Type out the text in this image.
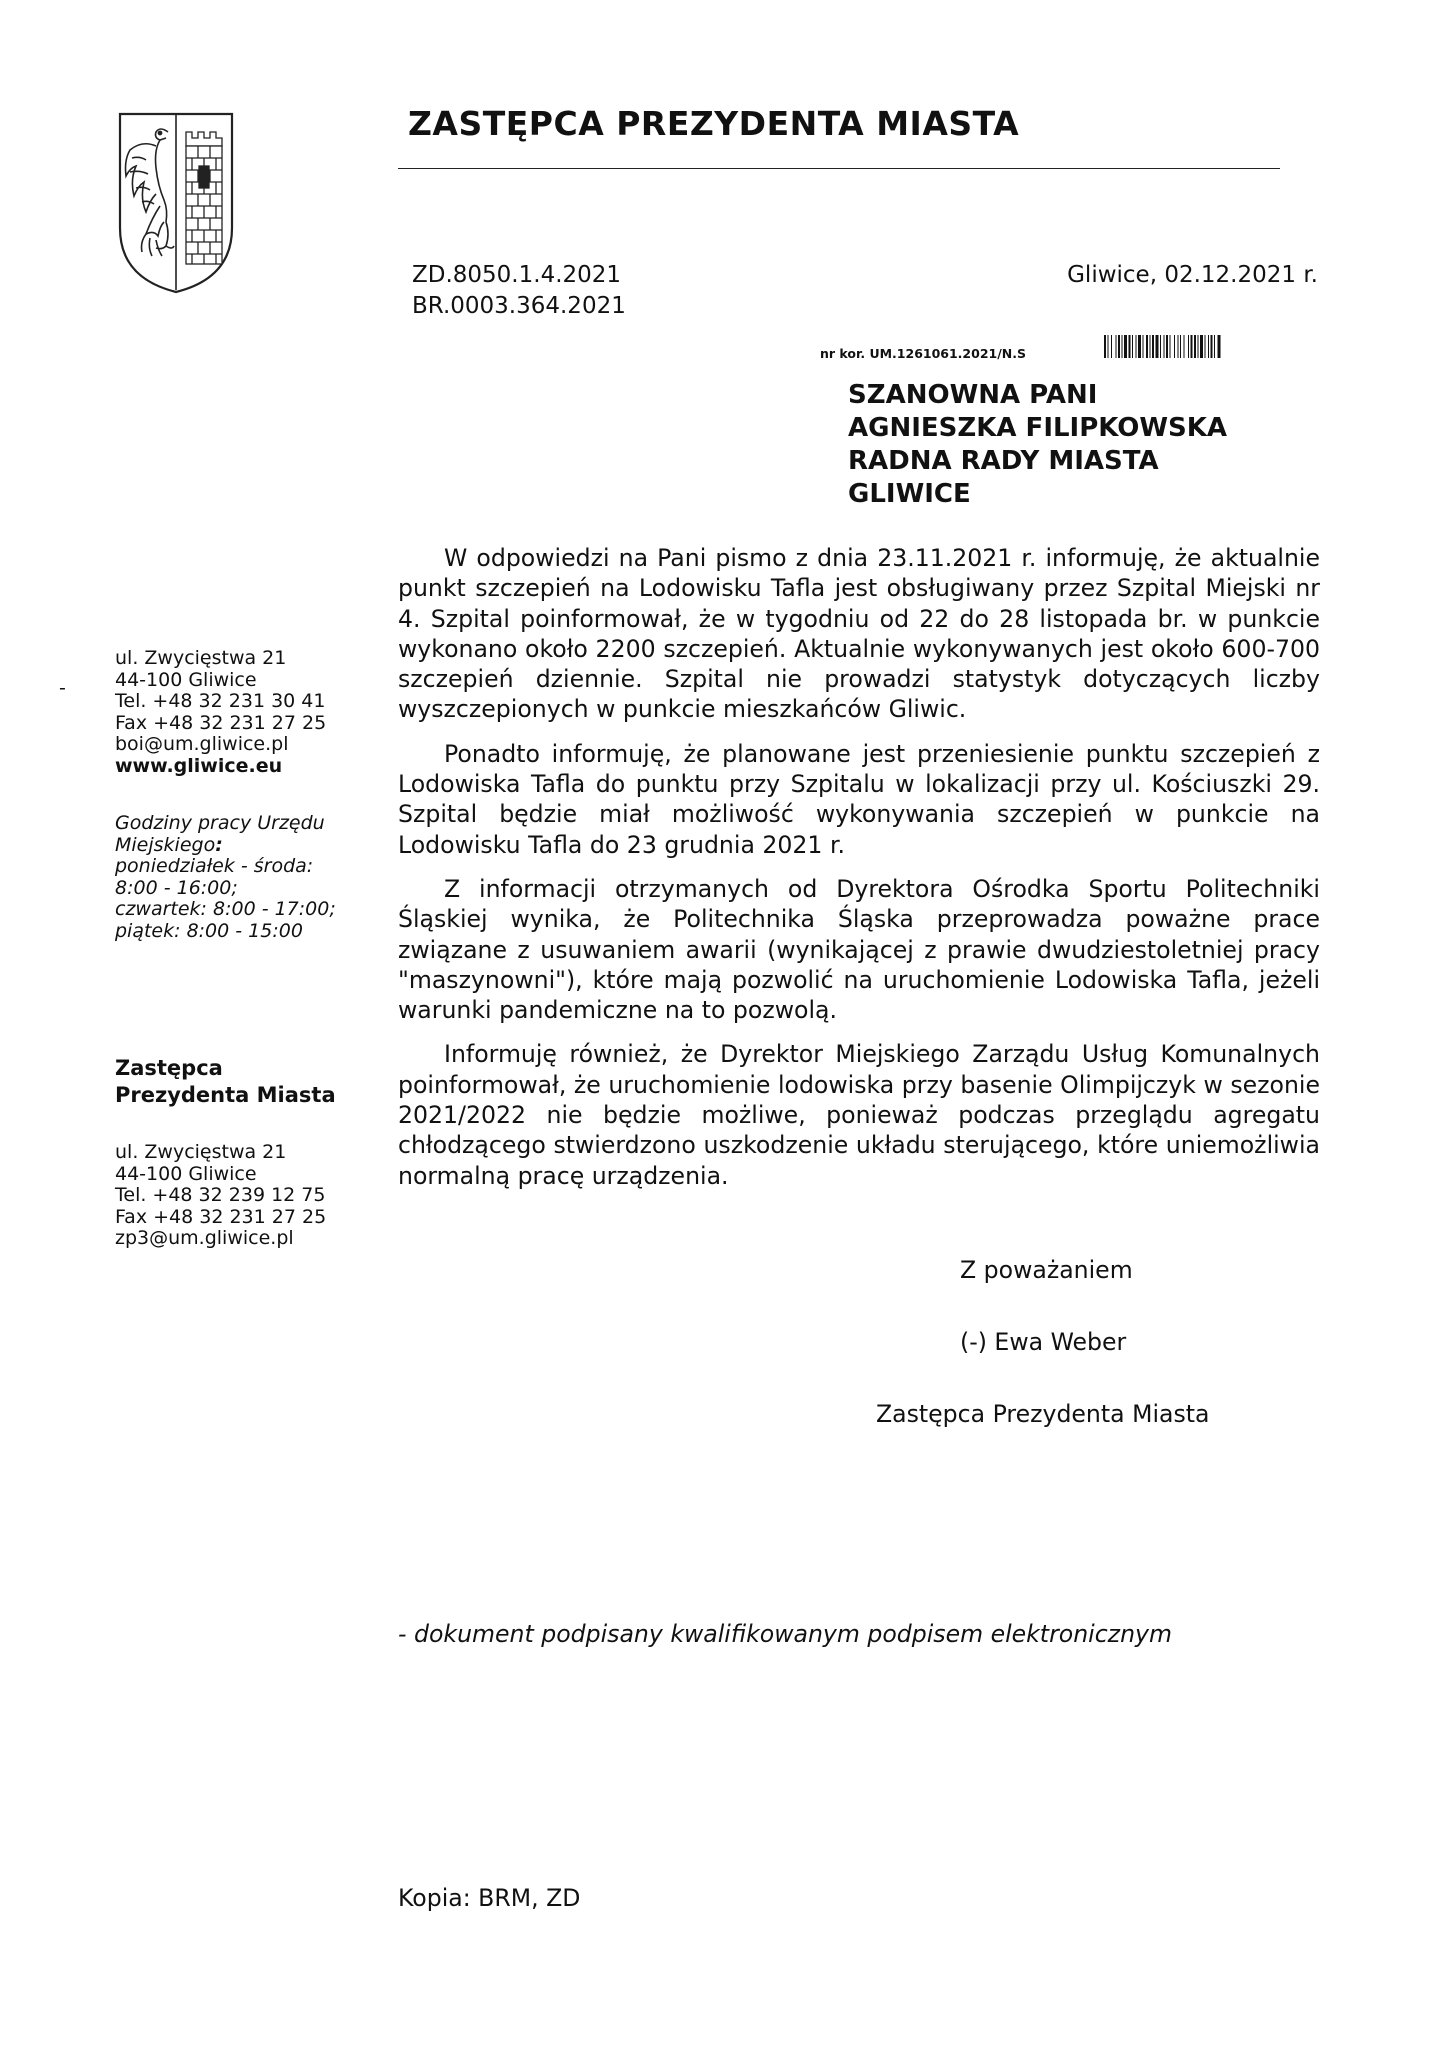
ZASTĘPCA PREZYDENTA MIASTA
ZD.8050.1.4.2021
BR.0003.364.2021
Gliwice, 02.12.2021 r.
nr kor. UM.1261061.2021/N.S
SZANOWNA PANI
AGNIESZKA FILIPKOWSKA
RADNA RADY MIASTA
GLIWICE
-
ul. Zwycięstwa 21
44-100 Gliwice
Tel. +48 32 231 30 41
Fax +48 32 231 27 25
boi@um.gliwice.pl
www.gliwice.eu
Godziny pracy Urzędu
Miejskiego:
poniedziałek - środa:
8:00 - 16:00;
czwartek: 8:00 - 17:00;
piątek: 8:00 - 15:00
Zastępca
Prezydenta Miasta
ul. Zwycięstwa 21
44-100 Gliwice
Tel. +48 32 239 12 75
Fax +48 32 231 27 25
zp3@um.gliwice.pl

W odpowiedzi na Pani pismo z dnia 23.11.2021 r. informuję, że aktualnie punkt szczepień na Lodowisku Tafla jest obsługiwany przez Szpital Miejski nr 4. Szpital poinformował, że w tygodniu od 22 do 28 listopada br. w punkcie wykonano około 2200 szczepień. Aktualnie wykonywanych jest około 600-700 szczepień dziennie. Szpital nie prowadzi statystyk dotyczących liczby wyszczepionych w punkcie mieszkańców Gliwic.

Ponadto informuję, że planowane jest przeniesienie punktu szczepień z Lodowiska Tafla do punktu przy Szpitalu w lokalizacji przy ul. Kościuszki 29. Szpital będzie miał możliwość wykonywania szczepień w punkcie na Lodowisku Tafla do 23 grudnia 2021 r.

Z informacji otrzymanych od Dyrektora Ośrodka Sportu Politechniki Śląskiej wynika, że Politechnika Śląska przeprowadza poważne prace związane z usuwaniem awarii (wynikającej z prawie dwudziestoletniej pracy "maszynowni"), które mają pozwolić na uruchomienie Lodowiska Tafla, jeżeli warunki pandemiczne na to pozwolą.

Informuję również, że Dyrektor Miejskiego Zarządu Usług Komunalnych poinformował, że uruchomienie lodowiska przy basenie Olimpijczyk w sezonie 2021/2022 nie będzie możliwe, ponieważ podczas przeglądu agregatu chłodzącego stwierdzono uszkodzenie układu sterującego, które uniemożliwia normalną pracę urządzenia.

Z poważaniem
(-) Ewa Weber
Zastępca Prezydenta Miasta
- dokument podpisany kwalifikowanym podpisem elektronicznym
Kopia: BRM, ZD
